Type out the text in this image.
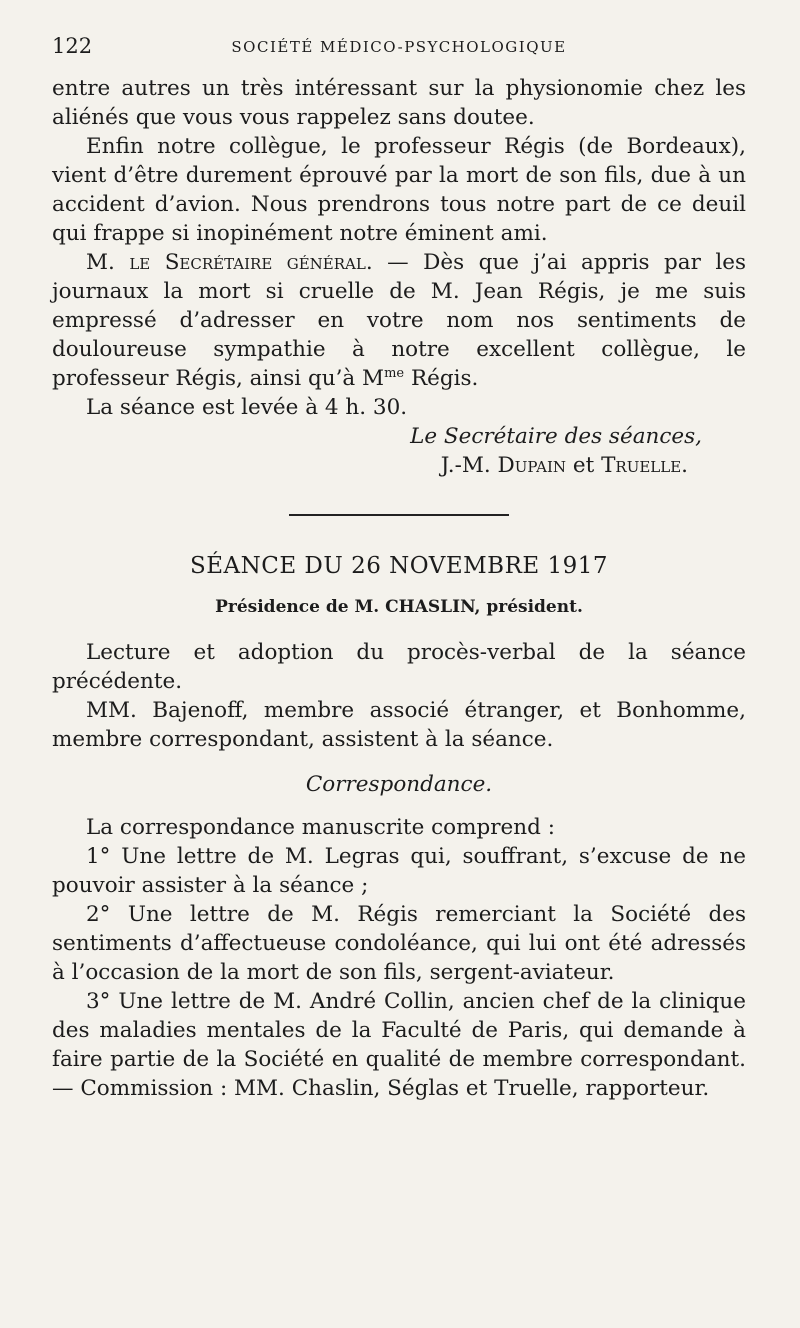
122	SOCIÉTÉ MÉDICO-PSYCHOLOGIQUE

entre autres un très intéressant sur la physionomie chez les aliénés que vous vous rappelez sans doutee.

Enfin notre collègue, le professeur Régis (de Bordeaux), vient d’être durement éprouvé par la mort de son fils, due à un accident d’avion. Nous prendrons tous notre part de ce deuil qui frappe si inopinément notre éminent ami.

M. le Secrétaire général. — Dès que j’ai appris par les journaux la mort si cruelle de M. Jean Régis, je me suis empressé d’adresser en votre nom nos sentiments de douloureuse sympathie à notre excellent collègue, le professeur Régis, ainsi qu’à $M^{me}$ Régis.

La séance est levée à 4 h. 30.

Le Secrétaire des séances,

J.-M. Dupain et Truelle.

SÉANCE DU 26 NOVEMBRE 1917

Présidence de M. CHASLIN, président.

Lecture et adoption du procès-verbal de la séance précédente.

MM. Bajenoff, membre associé étranger, et Bonhomme, membre correspondant, assistent à la séance.

Correspondance.

La correspondance manuscrite comprend :

1° Une lettre de M. Legras qui, souffrant, s’excuse de ne pouvoir assister à la séance ;

2° Une lettre de M. Régis remerciant la Société des sentiments d’affectueuse condoléance, qui lui ont été adressés à l’occasion de la mort de son fils, sergent-aviateur.

3° Une lettre de M. André Collin, ancien chef de la clinique des maladies mentales de la Faculté de Paris, qui demande à faire partie de la Société en qualité de membre correspondant. — Commission : MM. Chaslin, Séglas et Truelle, rapporteur.
